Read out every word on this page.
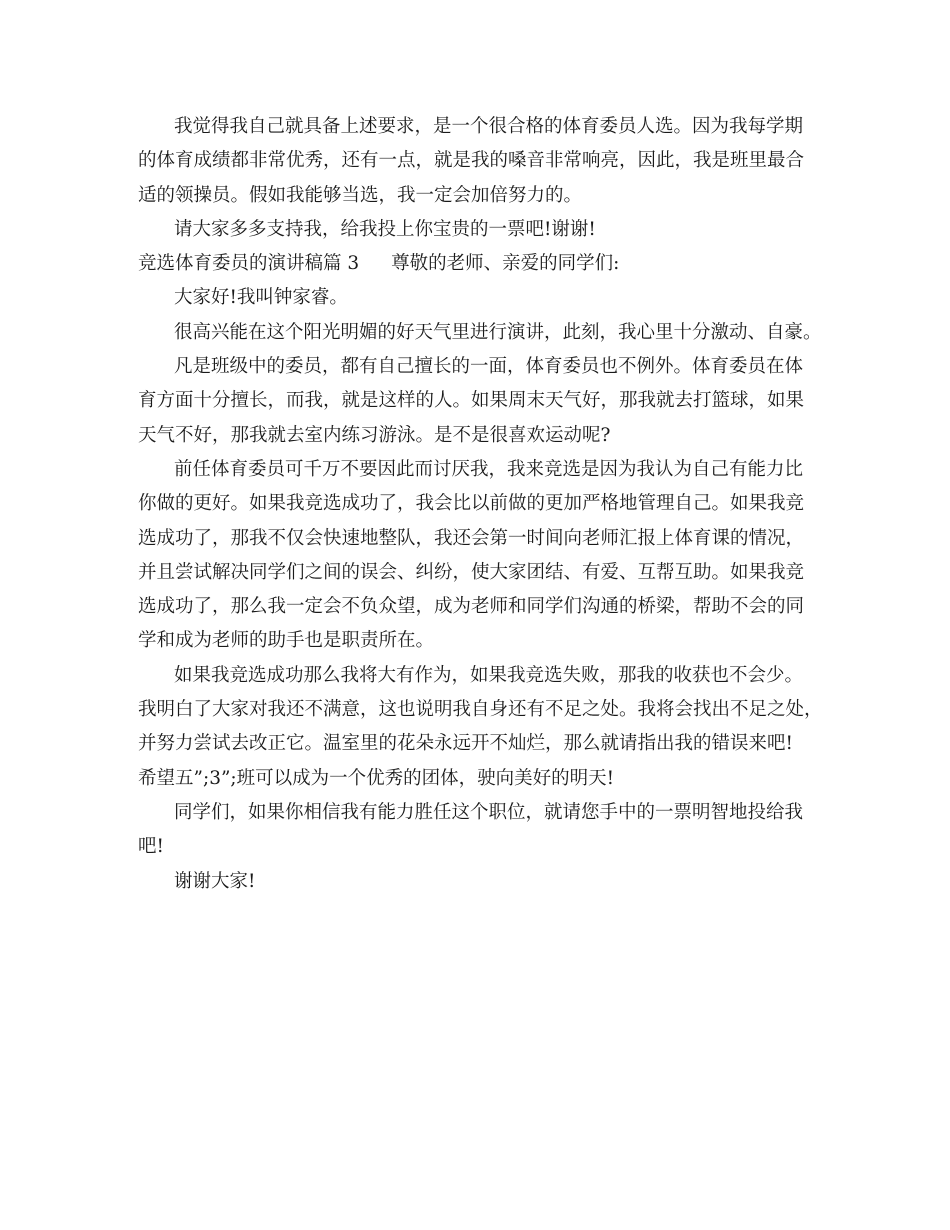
我觉得我自己就具备上述要求，是一个很合格的体育委员人选。因为我每学期

的体育成绩都非常优秀，还有一点，就是我的嗓音非常响亮，因此，我是班里最合

适的领操员。假如我能够当选，我一定会加倍努力的。

请大家多多支持我，给我投上你宝贵的一票吧!谢谢!

竞选体育委员的演讲稿篇 3 尊敬的老师、亲爱的同学们:

大家好!我叫钟家睿。

很高兴能在这个阳光明媚的好天气里进行演讲，此刻，我心里十分激动、自豪。

凡是班级中的委员，都有自己擅长的一面，体育委员也不例外。体育委员在体

育方面十分擅长，而我，就是这样的人。如果周末天气好，那我就去打篮球，如果

天气不好，那我就去室内练习游泳。是不是很喜欢运动呢?

前任体育委员可千万不要因此而讨厌我，我来竞选是因为我认为自己有能力比

你做的更好。如果我竞选成功了，我会比以前做的更加严格地管理自己。如果我竞

选成功了，那我不仅会快速地整队，我还会第一时间向老师汇报上体育课的情况，

并且尝试解决同学们之间的误会、纠纷，使大家团结、有爱、互帮互助。如果我竞

选成功了，那么我一定会不负众望，成为老师和同学们沟通的桥梁，帮助不会的同

学和成为老师的助手也是职责所在。

如果我竞选成功那么我将大有作为，如果我竞选失败，那我的收获也不会少。

我明白了大家对我还不满意，这也说明我自身还有不足之处。我将会找出不足之处，

并努力尝试去改正它。温室里的花朵永远开不灿烂，那么就请指出我的错误来吧!

希望五”;3”;班可以成为一个优秀的团体，驶向美好的明天!

同学们，如果你相信我有能力胜任这个职位，就请您手中的一票明智地投给我

吧!

谢谢大家!
